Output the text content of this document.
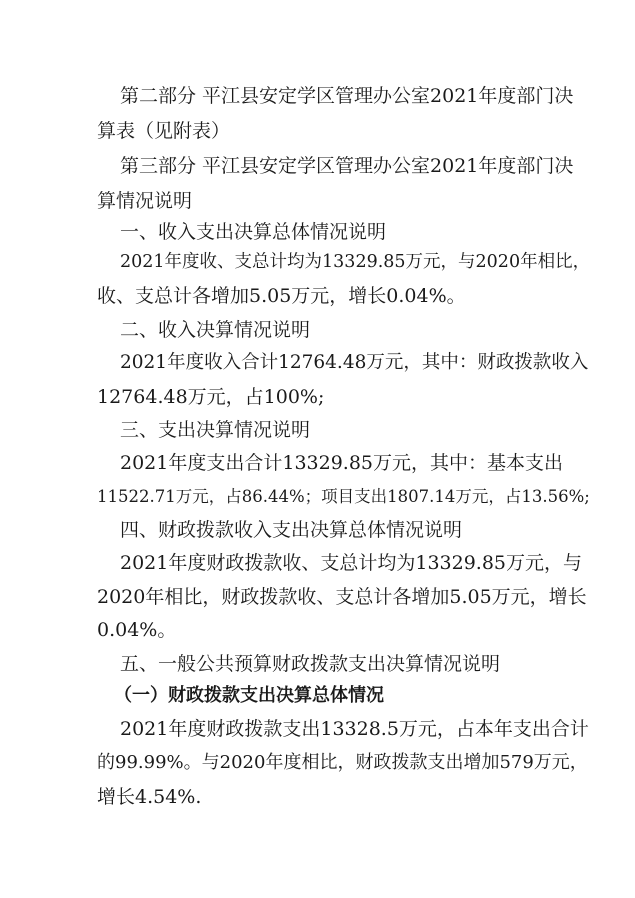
第二部分 平江县安定学区管理办公室2021年度部门决
算表（见附表）
第三部分 平江县安定学区管理办公室2021年度部门决
算情况说明
一、收入支出决算总体情况说明
2021年度收、支总计均为13329.85万元，与2020年相比，
收、支总计各增加5.05万元，增长0.04%。
二、收入决算情况说明
2021年度收入合计12764.48万元，其中：财政拨款收入
12764.48万元，占100%;
三、支出决算情况说明
2021年度支出合计13329.85万元，其中：基本支出
11522.71万元，占86.44%；项目支出1807.14万元，占13.56%;
四、财政拨款收入支出决算总体情况说明
2021年度财政拨款收、支总计均为13329.85万元，与
2020年相比，财政拨款收、支总计各增加5.05万元，增长
0.04%。
五、一般公共预算财政拨款支出决算情况说明
（一）财政拨款支出决算总体情况
2021年度财政拨款支出13328.5万元，占本年支出合计
的99.99%。与2020年度相比，财政拨款支出增加579万元，
增长4.54%.
